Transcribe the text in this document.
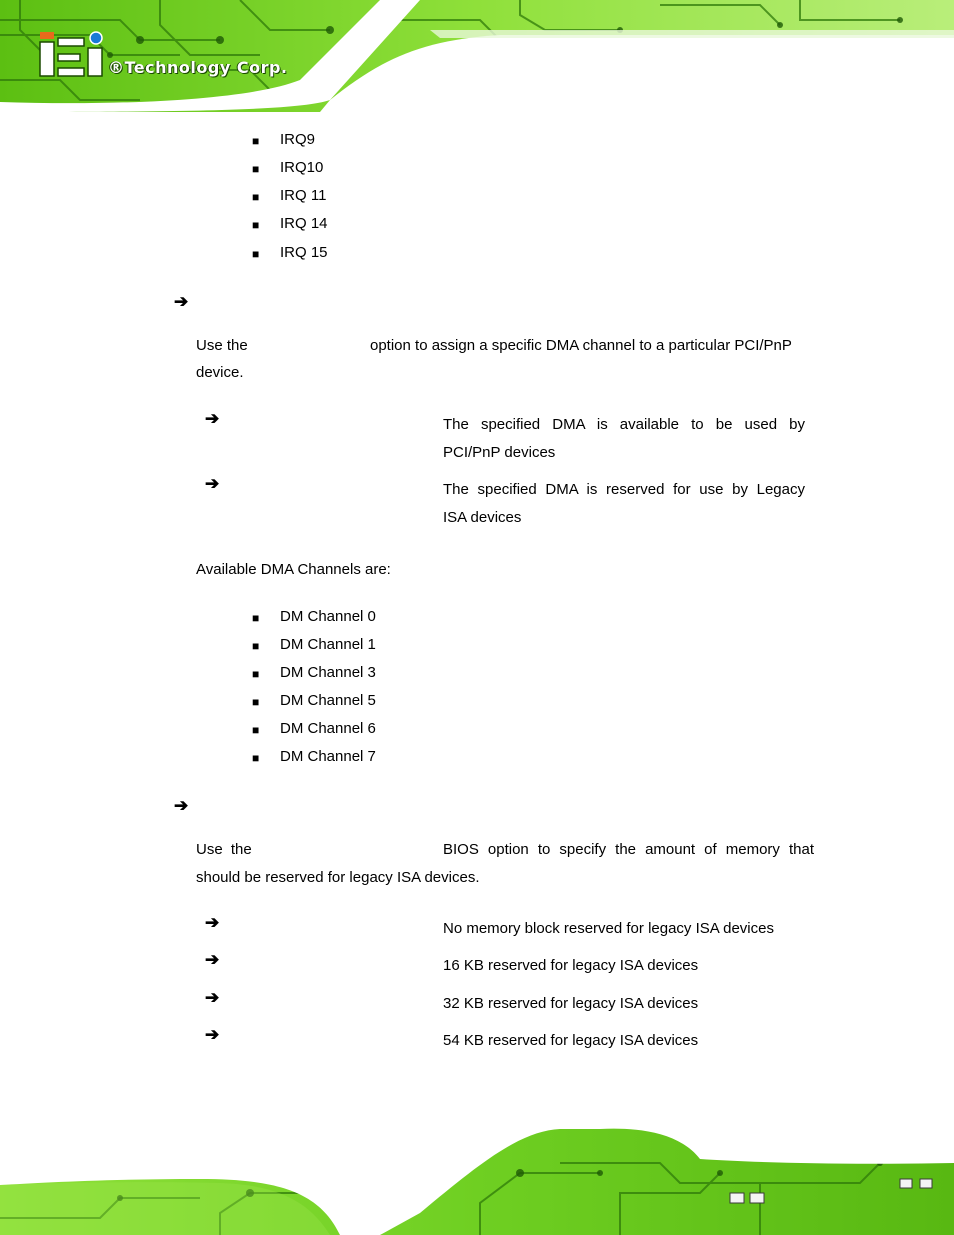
®Technology Corp.
■ IRQ9
■ IRQ10
■ IRQ 11
■ IRQ 14
■ IRQ 15
➔
Use the	option to assign a specific DMA channel to a particular PCI/PnP
device.
➔	The specified DMA is available to be used by
PCI/PnP devices
➔	The specified DMA is reserved for use by Legacy
ISA devices
Available DMA Channels are:
■ DM Channel 0
■ DM Channel 1
■ DM Channel 3
■ DM Channel 5
■ DM Channel 6
■ DM Channel 7
➔
Use the	BIOS option to specify the amount of memory that
should be reserved for legacy ISA devices.
➔	No memory block reserved for legacy ISA devices
➔	16 KB reserved for legacy ISA devices
➔	32 KB reserved for legacy ISA devices
➔	54 KB reserved for legacy ISA devices
